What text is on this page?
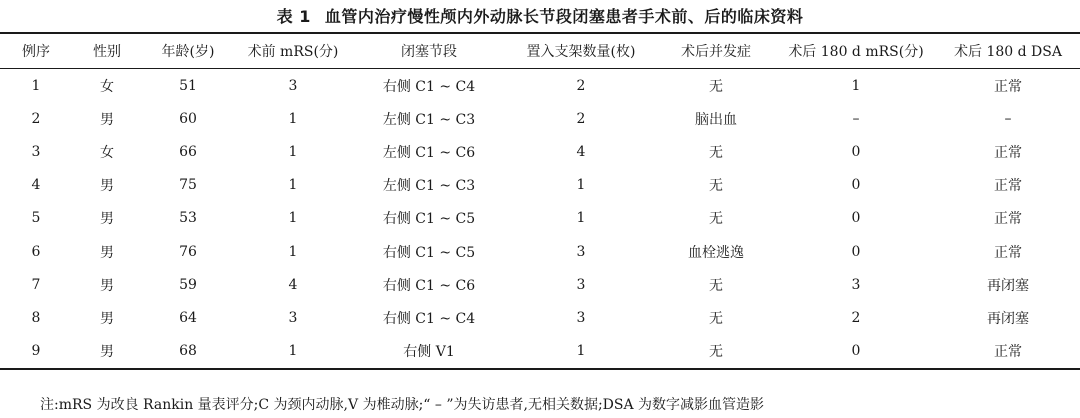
表 1 血管内治疗慢性颅内外动脉长节段闭塞患者手术前、后的临床资料
例序	性别	年龄(岁)	术前 mRS(分)	闭塞节段	置入支架数量(枚)	术后并发症	术后 180 d mRS(分)	术后 180 d DSA
1	女	51	3	右侧 C1 ~ C4	2	无	1	正常
2	男	60	1	左侧 C1 ~ C3	2	脑出血	–	–
3	女	66	1	左侧 C1 ~ C6	4	无	0	正常
4	男	75	1	左侧 C1 ~ C3	1	无	0	正常
5	男	53	1	右侧 C1 ~ C5	1	无	0	正常
6	男	76	1	右侧 C1 ~ C5	3	血栓逃逸	0	正常
7	男	59	4	右侧 C1 ~ C6	3	无	3	再闭塞
8	男	64	3	右侧 C1 ~ C4	3	无	2	再闭塞
9	男	68	1	右侧 V1	1	无	0	正常
注:mRS 为改良 Rankin 量表评分;C 为颈内动脉,V 为椎动脉;“ – ”为失访患者,无相关数据;DSA 为数字减影血管造影
